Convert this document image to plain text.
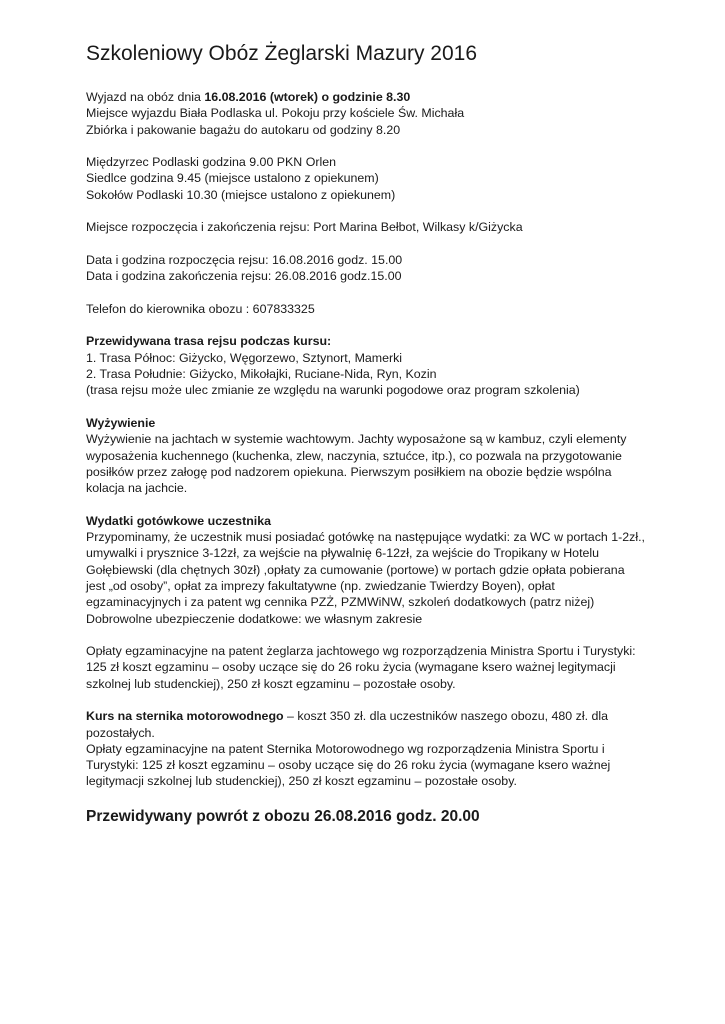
Szkoleniowy Obóz Żeglarski Mazury 2016
Wyjazd na obóz dnia 16.08.2016 (wtorek) o godzinie 8.30
Miejsce wyjazdu Biała Podlaska ul. Pokoju przy kościele Św. Michała
Zbiórka i pakowanie bagażu do autokaru od godziny 8.20
Międzyrzec Podlaski godzina 9.00 PKN Orlen
Siedlce godzina 9.45 (miejsce ustalono z opiekunem)
Sokołów Podlaski 10.30 (miejsce ustalono z opiekunem)
Miejsce rozpoczęcia i zakończenia rejsu: Port Marina Bełbot, Wilkasy k/Giżycka
Data i godzina rozpoczęcia rejsu: 16.08.2016 godz. 15.00
Data i godzina zakończenia rejsu: 26.08.2016 godz.15.00
Telefon do kierownika obozu : 607833325
Przewidywana trasa rejsu podczas kursu:
1. Trasa Północ: Giżycko, Węgorzewo, Sztynort, Mamerki
2. Trasa Południe: Giżycko, Mikołajki, Ruciane-Nida, Ryn, Kozin
(trasa rejsu może ulec zmianie ze względu na warunki pogodowe oraz program szkolenia)
Wyżywienie
Wyżywienie na jachtach w systemie wachtowym. Jachty wyposażone są w kambuz, czyli elementy
wyposażenia kuchennego (kuchenka, zlew, naczynia, sztućce, itp.), co pozwala na przygotowanie
posiłków przez załogę pod nadzorem opiekuna. Pierwszym posiłkiem na obozie będzie wspólna
kolacja na jachcie.
Wydatki gotówkowe uczestnika
Przypominamy, że uczestnik musi posiadać gotówkę na następujące wydatki: za WC w portach 1-2zł.,
umywalki i prysznice 3-12zł, za wejście na pływalnię 6-12zł, za wejście do Tropikany w Hotelu
Gołębiewski (dla chętnych 30zł) ,opłaty za cumowanie (portowe) w portach gdzie opłata pobierana
jest „od osoby”, opłat za imprezy fakultatywne (np. zwiedzanie Twierdzy Boyen), opłat
egzaminacyjnych i za patent wg cennika PZŻ, PZMWiNW, szkoleń dodatkowych (patrz niżej)
Dobrowolne ubezpieczenie dodatkowe: we własnym zakresie
Opłaty egzaminacyjne na patent żeglarza jachtowego wg rozporządzenia Ministra Sportu i Turystyki:
125 zł koszt egzaminu – osoby uczące się do 26 roku życia (wymagane ksero ważnej legitymacji
szkolnej lub studenckiej), 250 zł koszt egzaminu – pozostałe osoby.
Kurs na sternika motorowodnego – koszt 350 zł. dla uczestników naszego obozu, 480 zł. dla
pozostałych.
Opłaty egzaminacyjne na patent Sternika Motorowodnego wg rozporządzenia Ministra Sportu i
Turystyki: 125 zł koszt egzaminu – osoby uczące się do 26 roku życia (wymagane ksero ważnej
legitymacji szkolnej lub studenckiej), 250 zł koszt egzaminu – pozostałe osoby.
Przewidywany powrót z obozu 26.08.2016 godz. 20.00
